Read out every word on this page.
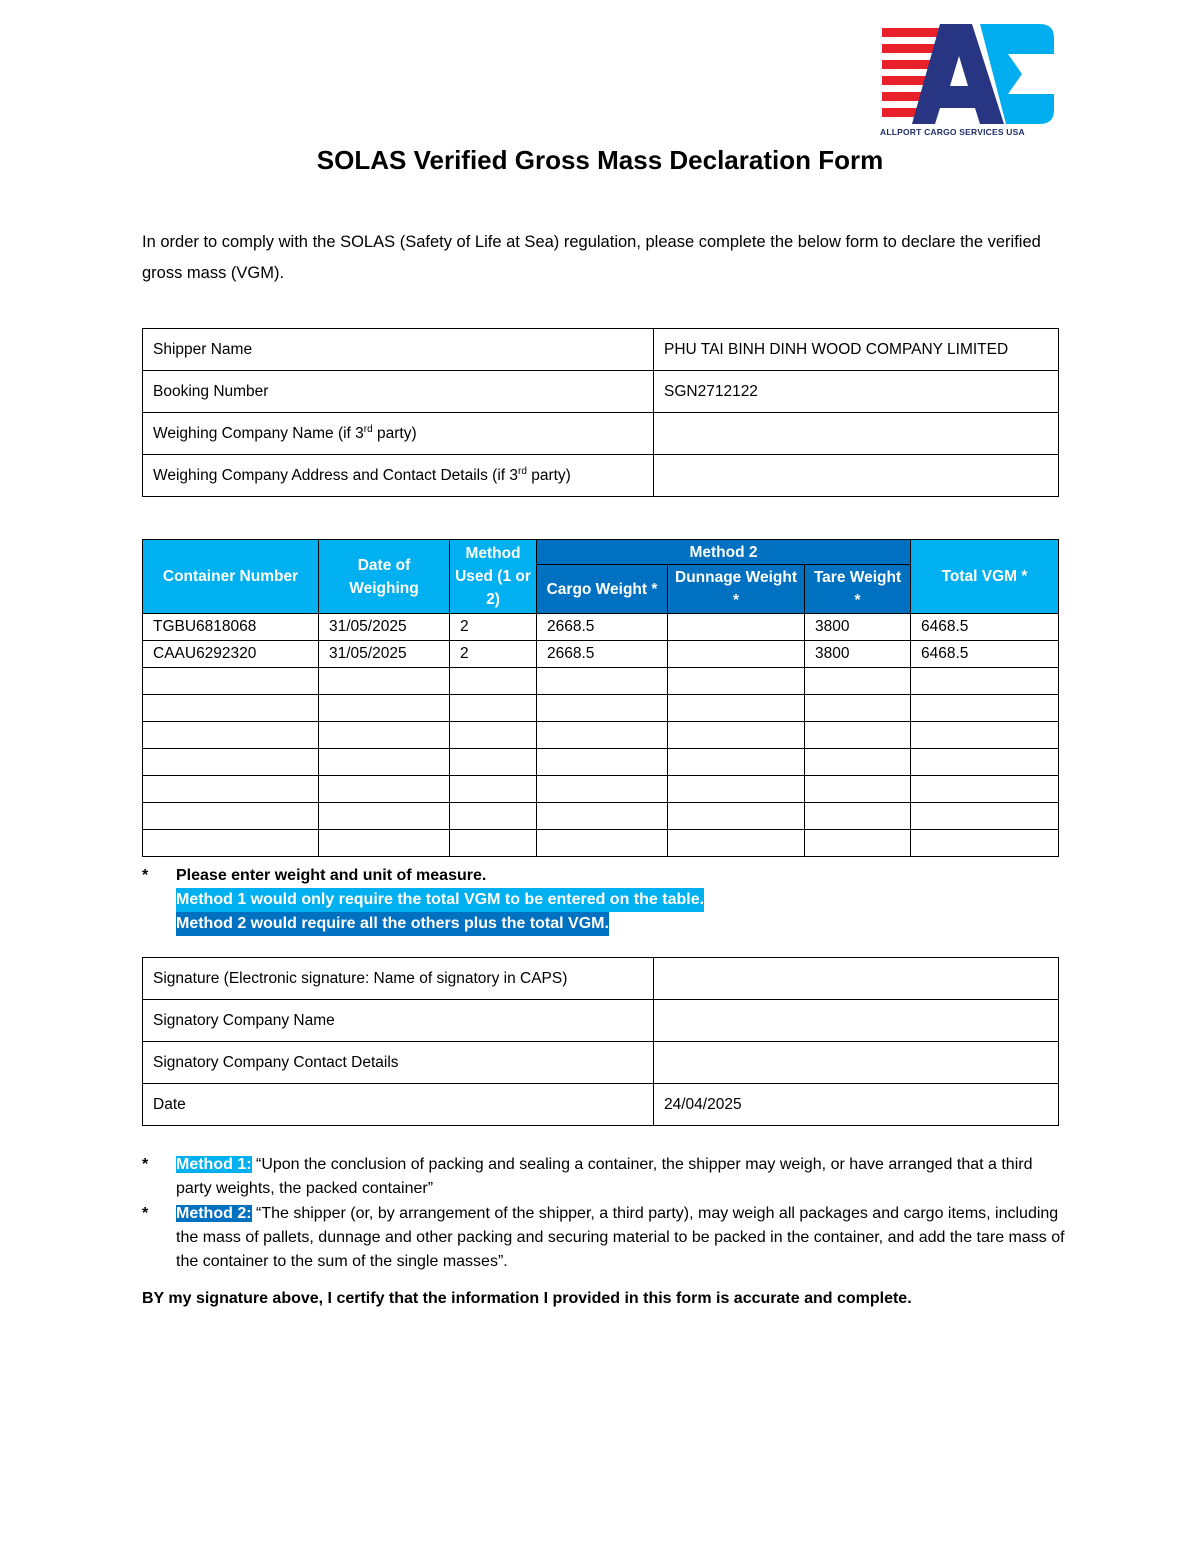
ALLPORT CARGO SERVICES USA
SOLAS Verified Gross Mass Declaration Form
In order to comply with the SOLAS (Safety of Life at Sea) regulation, please complete the below form to declare the verified gross mass (VGM).
Shipper Name	PHU TAI BINH DINH WOOD COMPANY LIMITED
Booking Number	SGN2712122
Weighing Company Name (if 3rd party)	
Weighing Company Address and Contact Details (if 3rd party)	
Container Number	Date of Weighing	Method Used (1 or 2)	Method 2			Total VGM *
			Cargo Weight *	Dunnage Weight *	Tare Weight *	
TGBU6818068	31/05/2025	2	2668.5		3800	6468.5
CAAU6292320	31/05/2025	2	2668.5		3800	6468.5

* Please enter weight and unit of measure.
Method 1 would only require the total VGM to be entered on the table.
Method 2 would require all the others plus the total VGM.
Signature (Electronic signature: Name of signatory in CAPS)	
Signatory Company Name	
Signatory Company Contact Details	
Date	24/04/2025
* Method 1: “Upon the conclusion of packing and sealing a container, the shipper may weigh, or have arranged that a third party weights, the packed container”
* Method 2: “The shipper (or, by arrangement of the shipper, a third party), may weigh all packages and cargo items, including the mass of pallets, dunnage and other packing and securing material to be packed in the container, and add the tare mass of the container to the sum of the single masses”.
BY my signature above, I certify that the information I provided in this form is accurate and complete.
